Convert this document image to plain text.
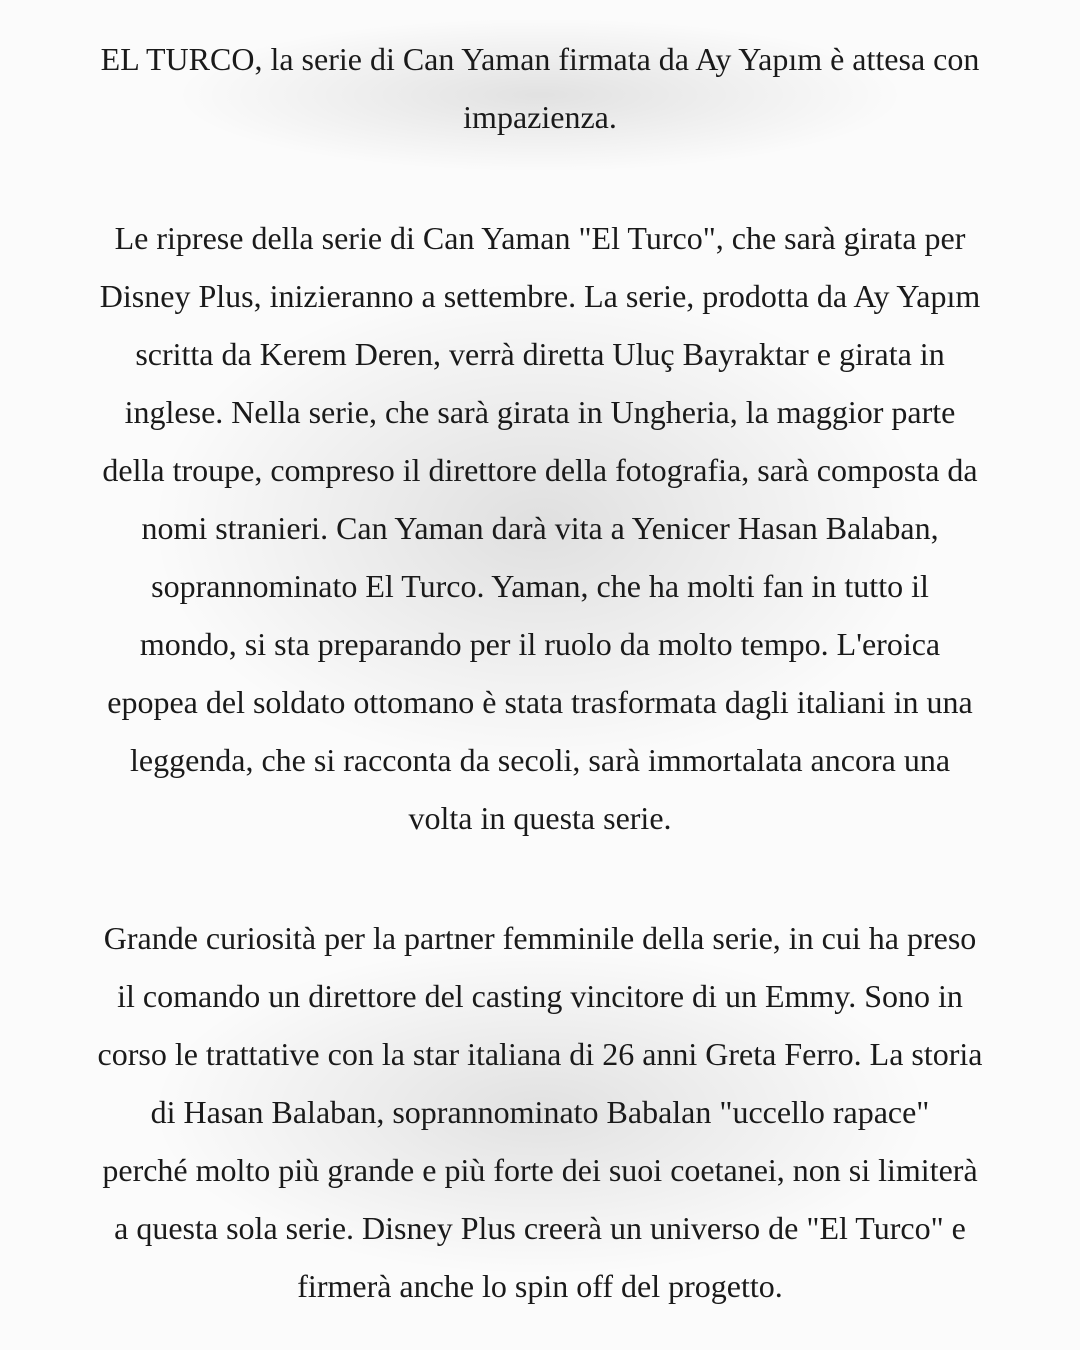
EL TURCO, la serie di Can Yaman firmata da Ay Yapım è attesa con
impazienza.

Le riprese della serie di Can Yaman "El Turco", che sarà girata per
Disney Plus, inizieranno a settembre. La serie, prodotta da Ay Yapım
scritta da Kerem Deren, verrà diretta Uluç Bayraktar e girata in
inglese. Nella serie, che sarà girata in Ungheria, la maggior parte
della troupe, compreso il direttore della fotografia, sarà composta da
nomi stranieri. Can Yaman darà vita a Yenicer Hasan Balaban,
soprannominato El Turco. Yaman, che ha molti fan in tutto il
mondo, si sta preparando per il ruolo da molto tempo. L'eroica
epopea del soldato ottomano è stata trasformata dagli italiani in una
leggenda, che si racconta da secoli, sarà immortalata ancora una
volta in questa serie.

Grande curiosità per la partner femminile della serie, in cui ha preso
il comando un direttore del casting vincitore di un Emmy. Sono in
corso le trattative con la star italiana di 26 anni Greta Ferro. La storia
di Hasan Balaban, soprannominato Babalan "uccello rapace"
perché molto più grande e più forte dei suoi coetanei, non si limiterà
a questa sola serie. Disney Plus creerà un universo de "El Turco" e
firmerà anche lo spin off del progetto.
